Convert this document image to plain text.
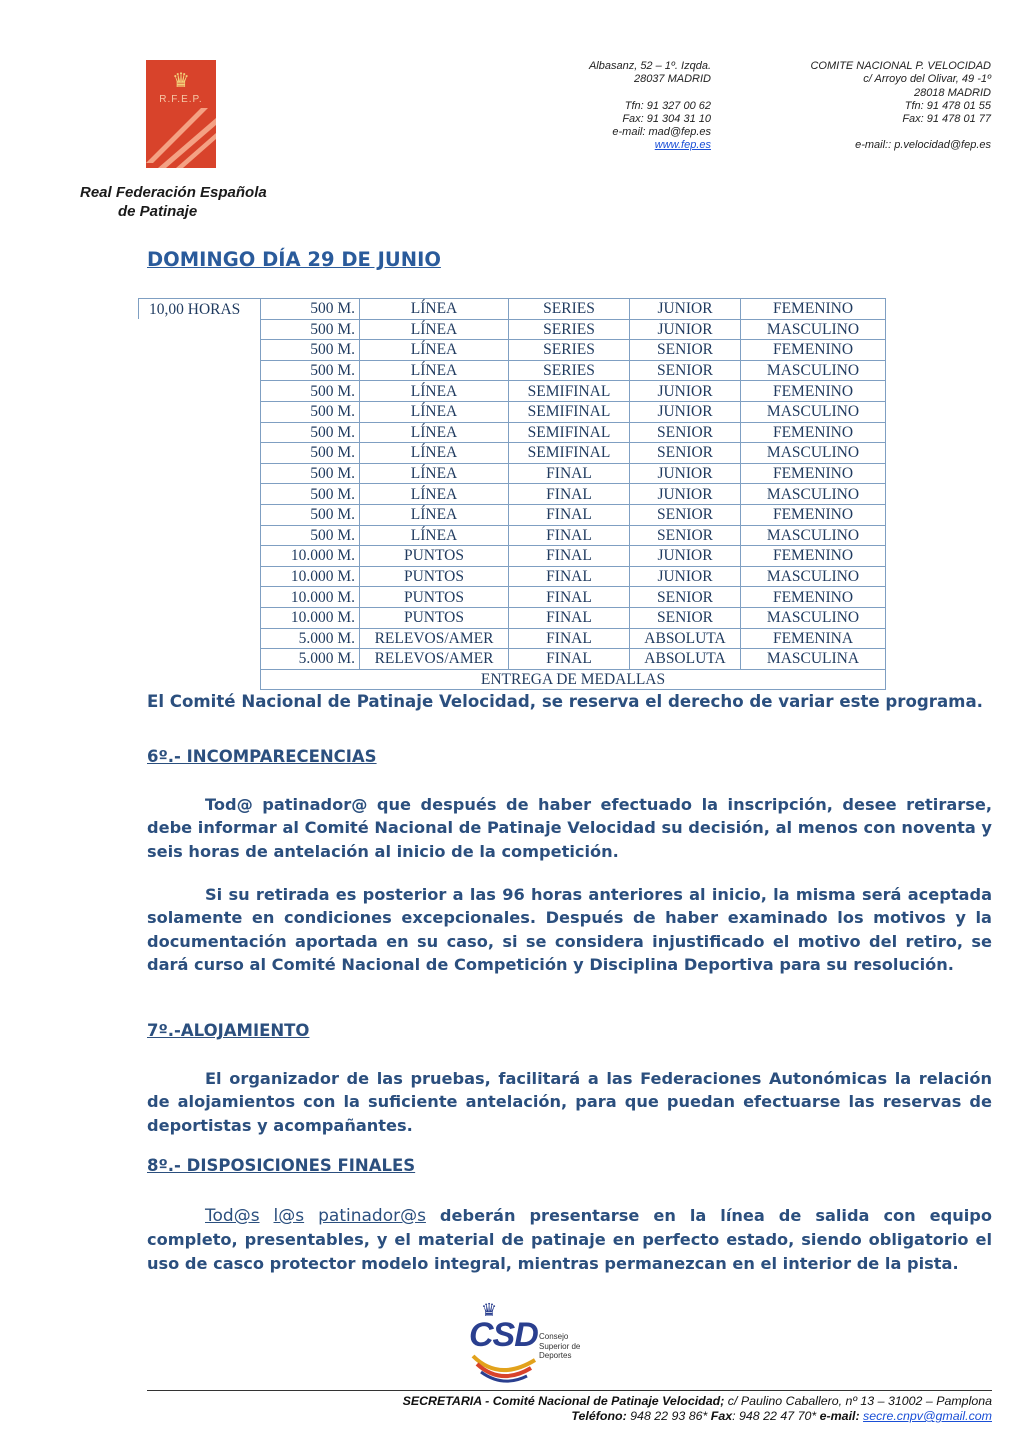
♛
R.F.E.P.
Real Federación Española
de Patinaje
Albasanz, 52 – 1º. Izqda.
28037 MADRID
Tfn: 91 327 00 62
Fax: 91 304 31 10
e-mail: mad@fep.es
www.fep.es
COMITE NACIONAL P. VELOCIDAD
c/ Arroyo del Olivar, 49 -1º
28018 MADRID
Tfn: 91 478 01 55
Fax: 91 478 01 77
e-mail:: p.velocidad@fep.es
DOMINGO DÍA 29 DE JUNIO
10,00 HORAS	500 M.	LÍNEA	SERIES	JUNIOR	FEMENINO
	500 M.	LÍNEA	SERIES	JUNIOR	MASCULINO
	500 M.	LÍNEA	SERIES	SENIOR	FEMENINO
	500 M.	LÍNEA	SERIES	SENIOR	MASCULINO
	500 M.	LÍNEA	SEMIFINAL	JUNIOR	FEMENINO
	500 M.	LÍNEA	SEMIFINAL	JUNIOR	MASCULINO
	500 M.	LÍNEA	SEMIFINAL	SENIOR	FEMENINO
	500 M.	LÍNEA	SEMIFINAL	SENIOR	MASCULINO
	500 M.	LÍNEA	FINAL	JUNIOR	FEMENINO
	500 M.	LÍNEA	FINAL	JUNIOR	MASCULINO
	500 M.	LÍNEA	FINAL	SENIOR	FEMENINO
	500 M.	LÍNEA	FINAL	SENIOR	MASCULINO
	10.000 M.	PUNTOS	FINAL	JUNIOR	FEMENINO
	10.000 M.	PUNTOS	FINAL	JUNIOR	MASCULINO
	10.000 M.	PUNTOS	FINAL	SENIOR	FEMENINO
	10.000 M.	PUNTOS	FINAL	SENIOR	MASCULINO
	5.000 M.	RELEVOS/AMER	FINAL	ABSOLUTA	FEMENINA
	5.000 M.	RELEVOS/AMER	FINAL	ABSOLUTA	MASCULINA
	ENTREGA DE MEDALLAS				
El Comité Nacional de Patinaje Velocidad, se reserva el derecho de variar este programa.
6º.- INCOMPARECENCIAS
Tod@ patinador@ que después de haber efectuado la inscripción, desee retirarse, debe informar al Comité Nacional de Patinaje Velocidad su decisión, al menos con noventa y seis horas de antelación al inicio de la competición.
Si su retirada es posterior a las 96 horas anteriores al inicio, la misma será aceptada solamente en condiciones excepcionales. Después de haber examinado los motivos y la documentación aportada en su caso, si se considera injustificado el motivo del retiro, se dará curso al Comité Nacional de Competición y Disciplina Deportiva para su resolución.
7º.-ALOJAMIENTO
El organizador de las pruebas, facilitará a las Federaciones Autonómicas la relación de alojamientos con la suficiente antelación, para que puedan efectuarse las reservas de deportistas y acompañantes.
8º.- DISPOSICIONES FINALES
Tod@s l@s patinador@s deberán presentarse en la línea de salida con equipo completo, presentables, y el material de patinaje en perfecto estado, siendo obligatorio el uso de casco protector modelo integral, mientras permanezcan en el interior de la pista.
♛
CSD Consejo
Superior de
Deportes
SECRETARIA - Comité Nacional de Patinaje Velocidad; c/ Paulino Caballero, nº 13 – 31002 – Pamplona
Teléfono: 948 22 93 86* Fax: 948 22 47 70* e-mail: secre.cnpv@gmail.com
